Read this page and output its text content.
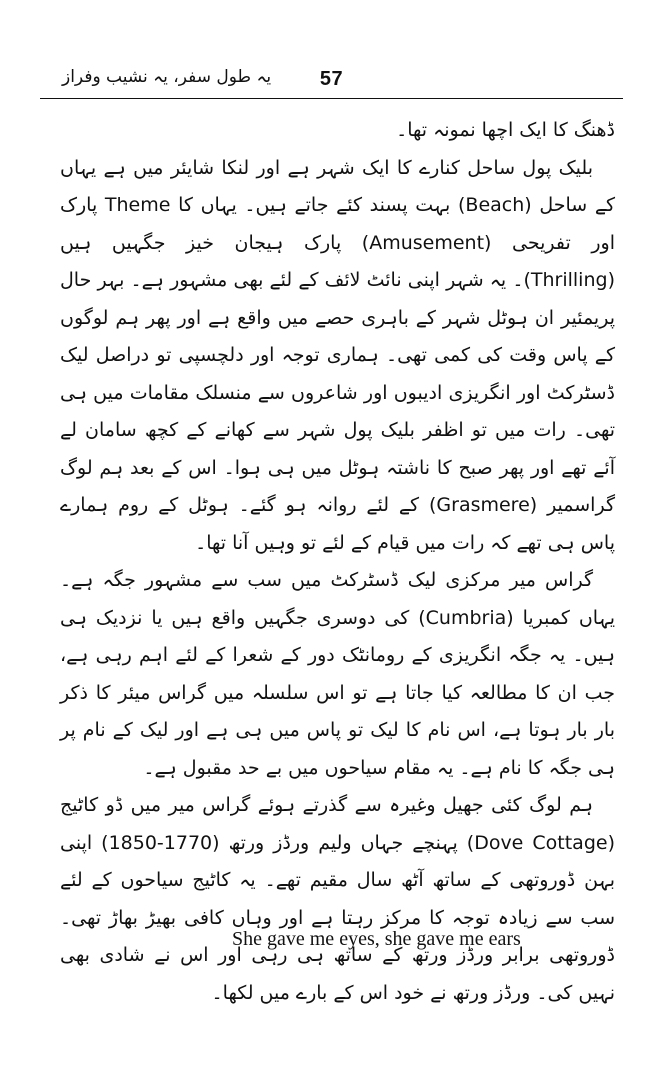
یہ طول سفر، یہ نشیب وفراز	57

ڈھنگ کا ایک اچھا نمونہ تھا۔

بلیک پول ساحل کنارے کا ایک شہر ہے اور لنکا شایئر میں ہے یہاں کے ساحل (Beach) بہت پسند کئے جاتے ہیں۔ یہاں کا Theme پارک اور تفریحی (Amusement) پارک ہیجان خیز جگہیں ہیں (Thrilling)۔ یہ شہر اپنی نائٹ لائف کے لئے بھی مشہور ہے۔ بہر حال پریمئیر ان ہوٹل شہر کے باہری حصے میں واقع ہے اور پھر ہم لوگوں کے پاس وقت کی کمی تھی۔ ہماری توجہ اور دلچسپی تو دراصل لیک ڈسٹرکٹ اور انگریزی ادیبوں اور شاعروں سے منسلک مقامات میں ہی تھی۔ رات میں تو اظفر بلیک پول شہر سے کھانے کے کچھ سامان لے آئے تھے اور پھر صبح کا ناشتہ ہوٹل میں ہی ہوا۔ اس کے بعد ہم لوگ گراسمیر (Grasmere) کے لئے روانہ ہو گئے۔ ہوٹل کے روم ہمارے پاس ہی تھے کہ رات میں قیام کے لئے تو وہیں آنا تھا۔

گراس میر مرکزی لیک ڈسٹرکٹ میں سب سے مشہور جگہ ہے۔ یہاں کمبریا (Cumbria) کی دوسری جگہیں واقع ہیں یا نزدیک ہی ہیں۔ یہ جگہ انگریزی کے رومانٹک دور کے شعرا کے لئے اہم رہی ہے، جب ان کا مطالعہ کیا جاتا ہے تو اس سلسلہ میں گراس میئر کا ذکر بار بار ہوتا ہے، اس نام کا لیک تو پاس میں ہی ہے اور لیک کے نام پر ہی جگہ کا نام ہے۔ یہ مقام سیاحوں میں بے حد مقبول ہے۔

ہم لوگ کئی جھیل وغیرہ سے گذرتے ہوئے گراس میر میں ڈو کاٹیج (Dove Cottage) پہنچے جہاں ولیم ورڈز ورتھ (1770-1850) اپنی بہن ڈوروتھی کے ساتھ آٹھ سال مقیم تھے۔ یہ کاٹیج سیاحوں کے لئے سب سے زیادہ توجہ کا مرکز رہتا ہے اور وہاں کافی بھیڑ بھاڑ تھی۔ ڈوروتھی برابر ورڈز ورتھ کے ساتھ ہی رہی اور اس نے شادی بھی نہیں کی۔ ورڈز ورتھ نے خود اس کے بارے میں لکھا۔

She gave me eyes, she gave me ears
